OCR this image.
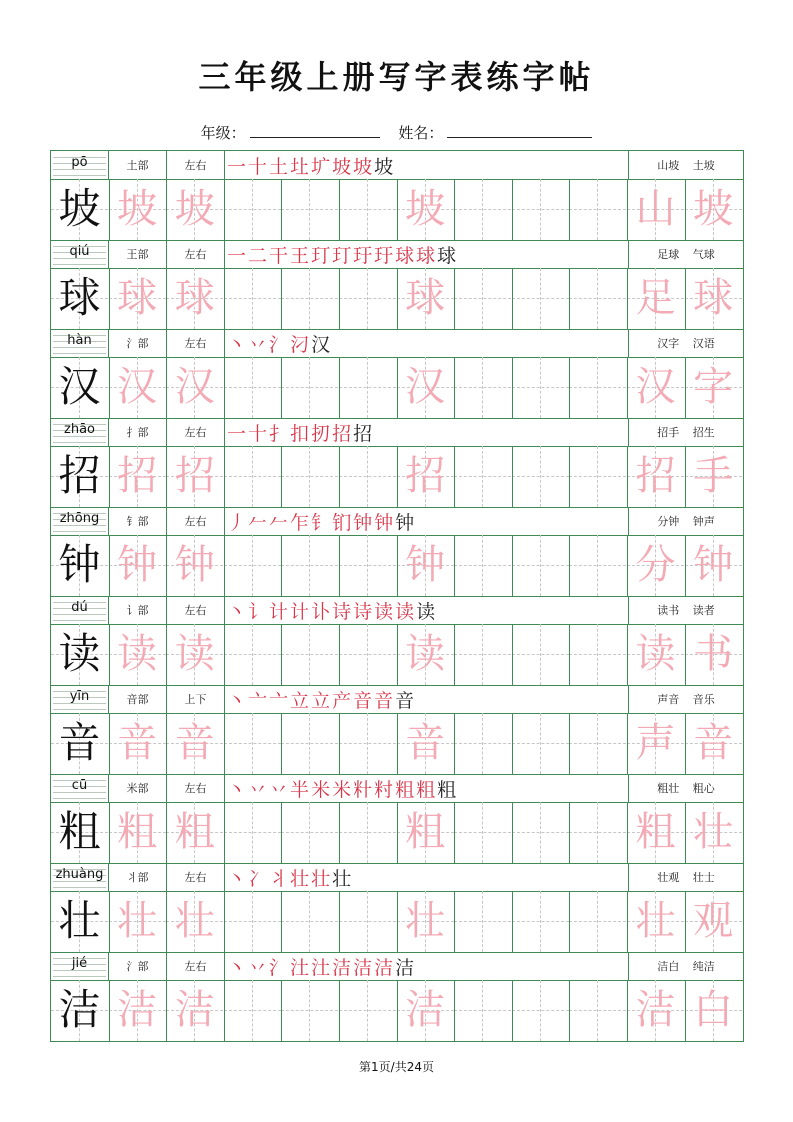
三年级上册写字表练字帖
年级：	姓名：
pō	土部	左右	一 十 土 圵 圹 坡 坡 坡	山坡 土坡
坡 坡 坡	坡	山 坡
qiú	王部	左右	一 二 干 王 玎 玎 玗 玗 球 球 球	足球 气球
球 球 球	球	足 球
hàn	氵部	左右	丶 丷 氵 汈 汉	汉字 汉语
汉 汉 汉	汉	汉 字
zhāo	扌部	左右	一 十 扌 扣 扨 招 招	招手 招生
招 招 招	招	招 手
zhōng	钅部	左右	丿 𠂉 𠂉 乍 钅 钔 钟 钟 钟	分钟 钟声
钟 钟 钟	钟	分 钟
dú	讠部	左右	丶 讠 计 计 讣 诗 诗 读 读 读	读书 读者
读 读 读	读	读 书
yīn	音部	上下	丶 亠 亠 立 立 产 音 音 音	声音 音乐
音 音 音	音	声 音
cū	米部	左右	丶 丷 丷 半 米 米 籵 籿 粗 粗 粗	粗壮 粗心
粗 粗 粗	粗	粗 壮
zhuàng	丬部	左右	丶 冫 丬 壮 壮 壮	壮观 壮士
壮 壮 壮	壮	壮 观
jié	氵部	左右	丶 丷 氵 汢 汢 洁 洁 洁 洁	洁白 纯洁
洁 洁 洁	洁	洁 白
第1页/共24页
